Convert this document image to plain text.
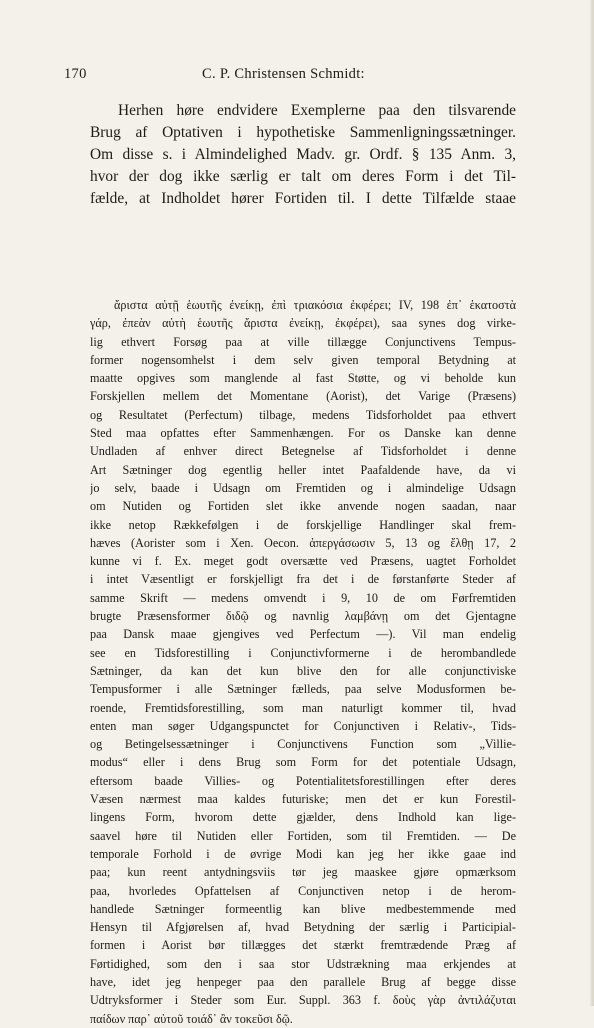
170	C. P. Christensen Schmidt:
Herhen høre endvidere Exemplerne paa den tilsvarende
Brug af Optativen i hypothetiske Sammenligningssætninger.
Om disse s. i Almindelighed Madv. gr. Ordf. § 135 Anm. 3,
hvor der dog ikke særlig er talt om deres Form i det Til-
fælde, at Indholdet hører Fortiden til. I dette Tilfælde staae
ἄριστα αὐτῇ ἑωυτῆς ἐνείκῃ, ἐπὶ τριακόσια ἐκφέρει; IV, 198 ἐπ᾽ ἑκατοστὰ
γάρ, ἐπεὰν αὐτὴ ἑωυτῆς ἄριστα ἐνείκῃ, ἐκφέρει), saa synes dog virke-
lig ethvert Forsøg paa at ville tillægge Conjunctivens Tempus-
former nogensomhelst i dem selv given temporal Betydning at
maatte opgives som manglende al fast Støtte, og vi beholde kun
Forskjellen mellem det Momentane (Aorist), det Varige (Præsens)
og Resultatet (Perfectum) tilbage, medens Tidsforholdet paa ethvert
Sted maa opfattes efter Sammenhængen. For os Danske kan denne
Undladen af enhver direct Betegnelse af Tidsforholdet i denne
Art Sætninger dog egentlig heller intet Paafaldende have, da vi
jo selv, baade i Udsagn om Fremtiden og i almindelige Udsagn
om Nutiden og Fortiden slet ikke anvende nogen saadan, naar
ikke netop Rækkefølgen i de forskjellige Handlinger skal frem-
hæves (Aorister som i Xen. Oecon. ἀπεργάσωσιν 5, 13 og ἔλθῃ 17, 2
kunne vi f. Ex. meget godt oversætte ved Præsens, uagtet Forholdet
i intet Væsentligt er forskjelligt fra det i de førstanførte Steder af
samme Skrift — medens omvendt i 9, 10 de om Førfremtiden
brugte Præsensformer διδῷ og navnlig λαμβάνῃ om det Gjentagne
paa Dansk maae gjengives ved Perfectum —). Vil man endelig
see en Tidsforestilling i Conjunctivformerne i de herombandlede
Sætninger, da kan det kun blive den for alle conjunctiviske
Tempusformer i alle Sætninger fælleds, paa selve Modusformen be-
roende, Fremtidsforestilling, som man naturligt kommer til, hvad
enten man søger Udgangspunctet for Conjunctiven i Relativ-, Tids-
og Betingelsessætninger i Conjunctivens Function som „Villie-
modus“ eller i dens Brug som Form for det potentiale Udsagn,
eftersom baade Villies- og Potentialitetsforestillingen efter deres
Væsen nærmest maa kaldes futuriske; men det er kun Forestil-
lingens Form, hvorom dette gjælder, dens Indhold kan lige-
saavel høre til Nutiden eller Fortiden, som til Fremtiden. — De
temporale Forhold i de øvrige Modi kan jeg her ikke gaae ind
paa; kun reent antydningsviis tør jeg maaskee gjøre opmærksom
paa, hvorledes Opfattelsen af Conjunctiven netop i de herom-
handlede Sætninger formeentlig kan blive medbestemmende med
Hensyn til Afgjørelsen af, hvad Betydning der særlig i Participial-
formen i Aorist bør tillægges det stærkt fremtrædende Præg af
Førtidighed, som den i saa stor Udstrækning maa erkjendes at
have, idet jeg henpeger paa den parallele Brug af begge disse
Udtryksformer i Steder som Eur. Suppl. 363 f. δοὺς γὰρ ἀντιλάζυται
παίδων παρ᾽ αὐτοῦ τοιάδ᾽ ἂν τοκεῦσι δῷ.
